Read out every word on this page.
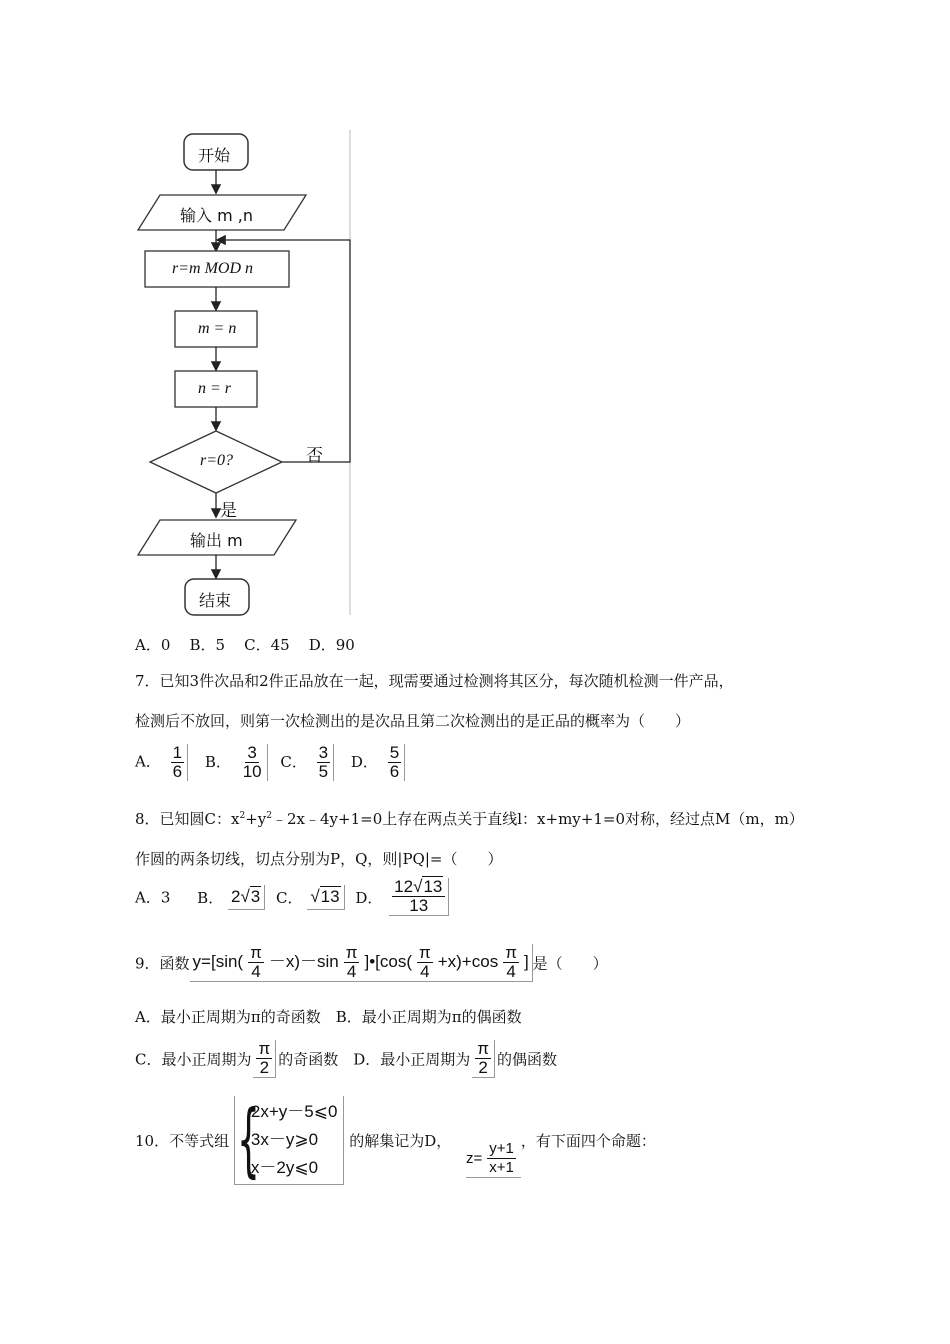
开始
输入 m ,n
r=m MOD n
m = n
n = r
r=0?	否
是
输出 m
结束
A．0    B．5    C．45    D．90
7．已知3件次品和2件正品放在一起，现需要通过检测将其区分，每次随机检测一件产品，
检测后不放回，则第一次检测出的是次品且第二次检测出的是正品的概率为（　　）
A． $\frac{1}{6}$ B． $\frac{3}{10}$ C． $\frac{3}{5}$ D． $\frac{5}{6}$
8．已知圆C：$x^2+y^2﹣2x﹣4y+1=0$上存在两点关于直线l：x+my+1=0对称，经过点M（m，m）
作圆的两条切线，切点分别为P，Q，则|PQ|=（　　）
A．3 B． 2√3 C． √13 D． $\frac{12√13}{13}$
9．函数 $y=[\sin( \frac{\pi}{4} -x)-\sin \frac{\pi}{4}$ ]•[cos( $\frac{\pi}{4} +x)+\cos \frac{\pi}{4}$ ] 是（　　）
A．最小正周期为π的奇函数　B．最小正周期为π的偶函数
C．最小正周期为 $\frac{\pi}{2}$ 的奇函数　D．最小正周期为 $\frac{\pi}{2}$ 的偶函数
10．不等式组 {
2x+y－5⩽0
3x－y⩾0
x－2y⩽0
的解集记为D， $z= \frac{y+1}{x+1}$ ，有下面四个命题：
